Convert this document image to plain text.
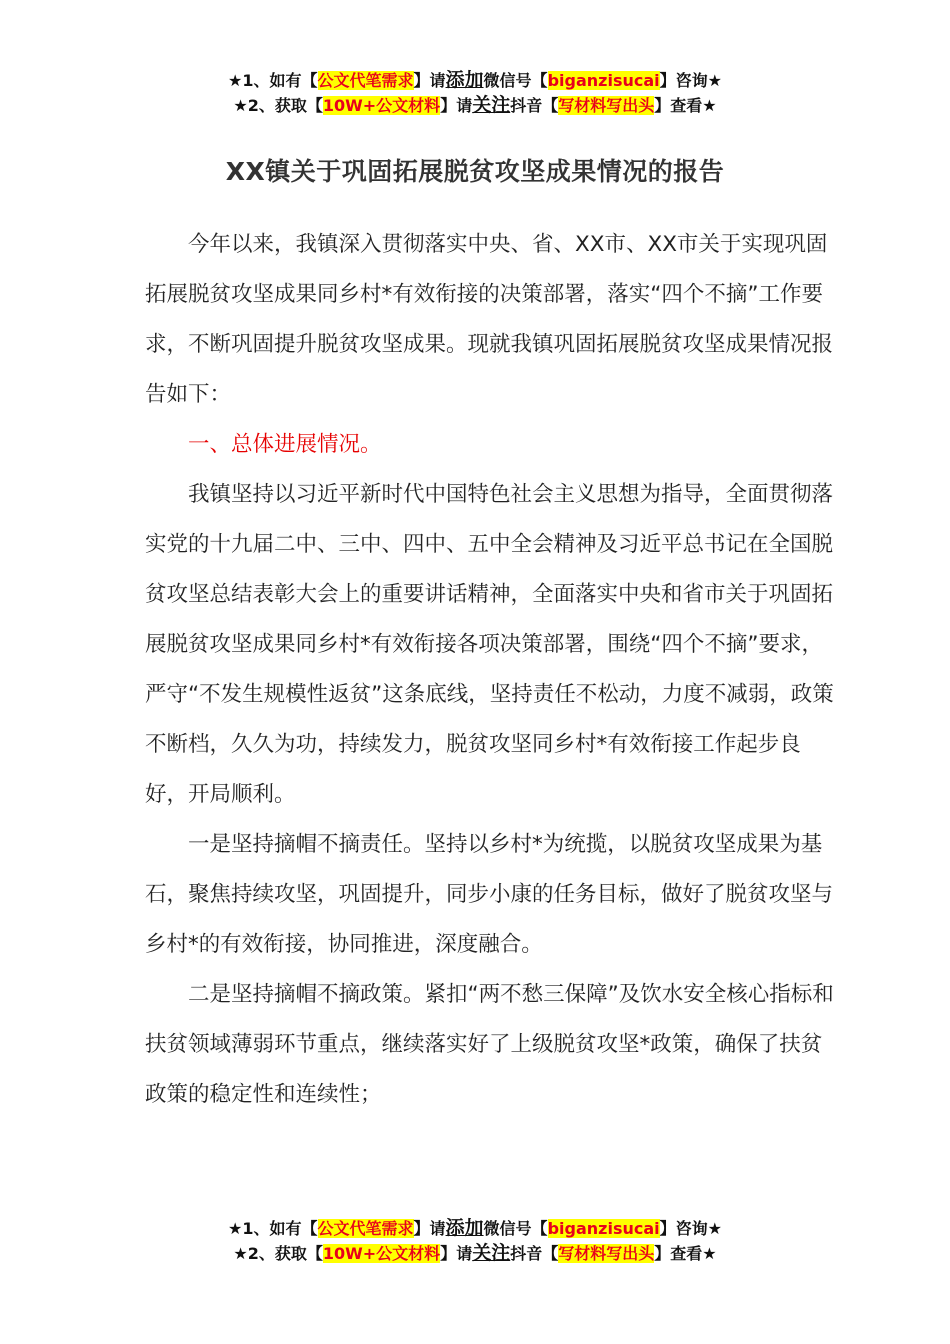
★1、如有【公文代笔需求】请添加微信号【biganzisucai】咨询★
★2、获取【10W+公文材料】请关注抖音【写材料写出头】查看★
XX镇关于巩固拓展脱贫攻坚成果情况的报告

今年以来，我镇深入贯彻落实中央、省、XX市、XX市关于实现巩固拓展脱贫攻坚成果同乡村*有效衔接的决策部署，落实“四个不摘”工作要求，不断巩固提升脱贫攻坚成果。现就我镇巩固拓展脱贫攻坚成果情况报告如下：

一、总体进展情况。

我镇坚持以习近平新时代中国特色社会主义思想为指导，全面贯彻落实党的十九届二中、三中、四中、五中全会精神及习近平总书记在全国脱贫攻坚总结表彰大会上的重要讲话精神，全面落实中央和省市关于巩固拓展脱贫攻坚成果同乡村*有效衔接各项决策部署，围绕“四个不摘”要求，严守“不发生规模性返贫”这条底线，坚持责任不松动，力度不减弱，政策不断档，久久为功，持续发力，脱贫攻坚同乡村*有效衔接工作起步良好，开局顺利。

一是坚持摘帽不摘责任。坚持以乡村*为统揽，以脱贫攻坚成果为基石，聚焦持续攻坚，巩固提升，同步小康的任务目标，做好了脱贫攻坚与乡村*的有效衔接，协同推进，深度融合。

二是坚持摘帽不摘政策。紧扣“两不愁三保障”及饮水安全核心指标和扶贫领域薄弱环节重点，继续落实好了上级脱贫攻坚*政策，确保了扶贫政策的稳定性和连续性；

★1、如有【公文代笔需求】请添加微信号【biganzisucai】咨询★
★2、获取【10W+公文材料】请关注抖音【写材料写出头】查看★
